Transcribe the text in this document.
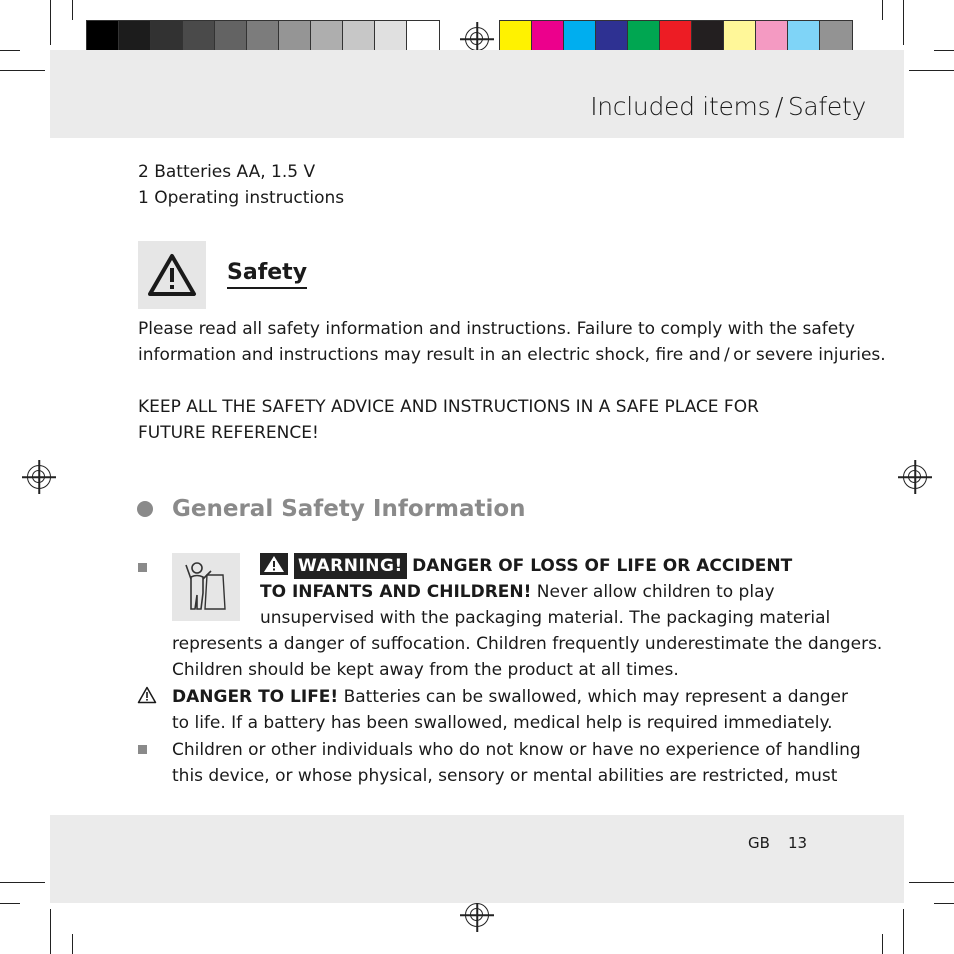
Included items / Safety

2 Batteries AA, 1.5 V

1 Operating instructions

Safety

Please read all safety information and instructions. Failure to comply with the safety

information and instructions may result in an electric shock, fire and / or severe injuries.

KEEP ALL THE SAFETY ADVICE AND INSTRUCTIONS IN A SAFE PLACE FOR

FUTURE REFERENCE!

General Safety Information
WARNING! DANGER OF LOSS OF LIFE OR ACCIDENT

TO INFANTS AND CHILDREN! Never allow children to play

unsupervised with the packaging material. The packaging material

represents a danger of suffocation. Children frequently underestimate the dangers.

Children should be kept away from the product at all times.

DANGER TO LIFE! Batteries can be swallowed, which may represent a danger

to life. If a battery has been swallowed, medical help is required immediately.

Children or other individuals who do not know or have no experience of handling

this device, or whose physical, sensory or mental abilities are restricted, must

GB 13
